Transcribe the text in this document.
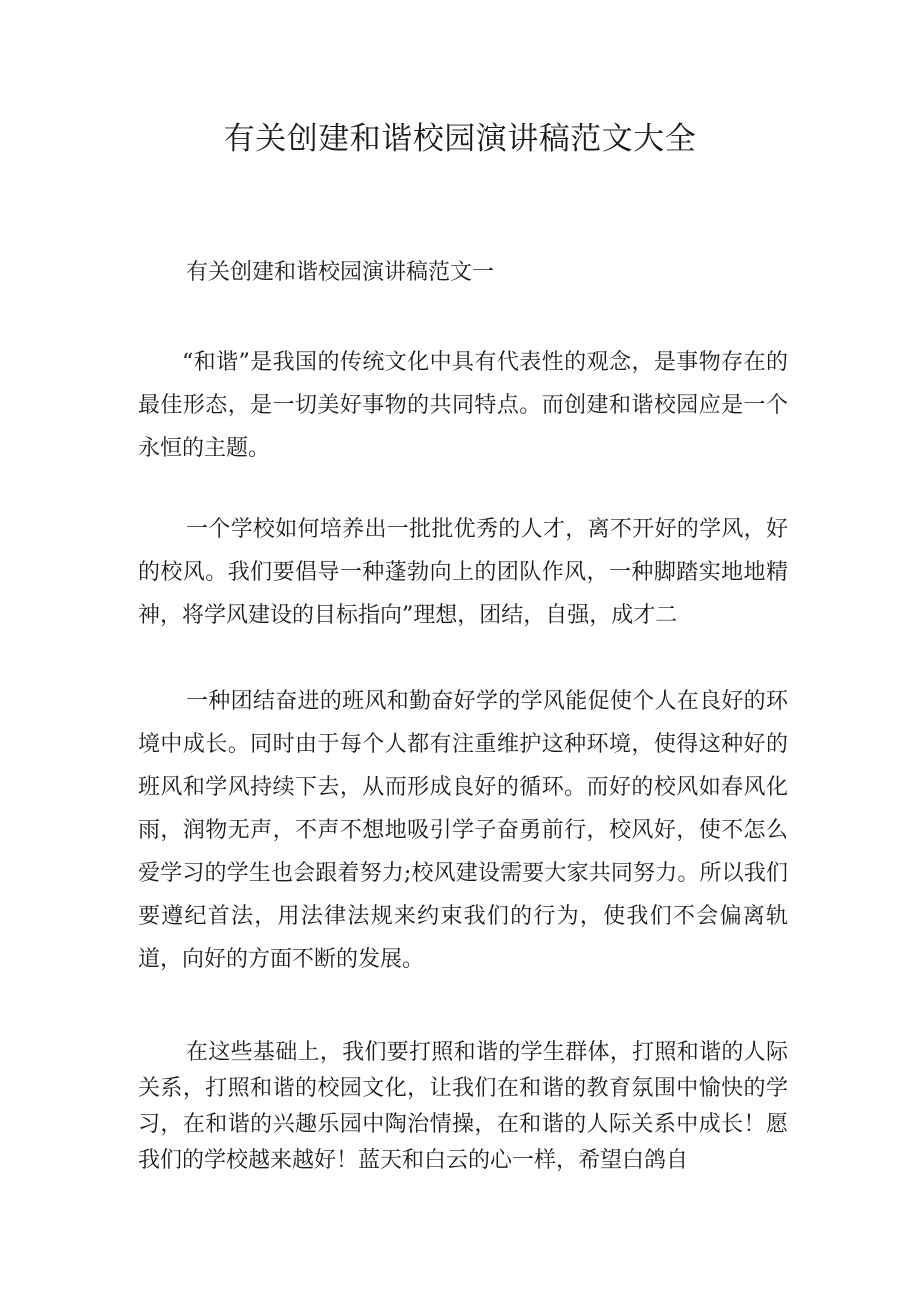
有关创建和谐校园演讲稿范文大全

有关创建和谐校园演讲稿范文一

“和谐”是我国的传统文化中具有代表性的观念，是事物存在的最佳形态，是一切美好事物的共同特点。而创建和谐校园应是一个永恒的主题。

一个学校如何培养出一批批优秀的人才，离不开好的学风，好的校风。我们要倡导一种蓬勃向上的团队作风，一种脚踏实地地精神，将学风建设的目标指向”理想，团结，自强，成才二

一种团结奋进的班风和勤奋好学的学风能促使个人在良好的环境中成长。同时由于每个人都有注重维护这种环境，使得这种好的班风和学风持续下去，从而形成良好的循环。而好的校风如春风化雨，润物无声，不声不想地吸引学子奋勇前行，校风好，使不怎么爱学习的学生也会跟着努力;校风建设需要大家共同努力。所以我们要遵纪首法，用法律法规来约束我们的行为，使我们不会偏离轨道，向好的方面不断的发展。

在这些基础上，我们要打照和谐的学生群体，打照和谐的人际关系，打照和谐的校园文化，让我们在和谐的教育氛围中愉快的学习，在和谐的兴趣乐园中陶治情操，在和谐的人际关系中成长！愿我们的学校越来越好！蓝天和白云的心一样，希望白鸽自
